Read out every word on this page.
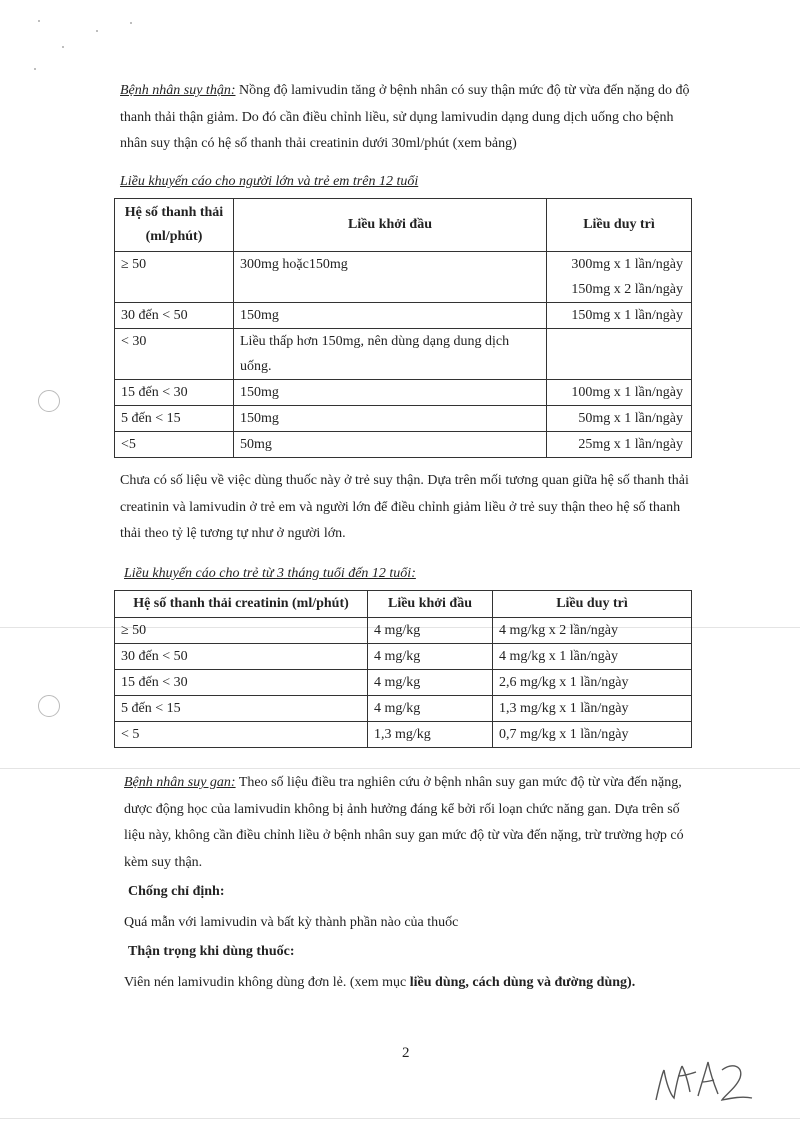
Bệnh nhân suy thận: Nồng độ lamivudin tăng ở bệnh nhân có suy thận mức độ từ vừa đến nặng do độ thanh thải thận giảm. Do đó cần điều chỉnh liều, sử dụng lamivudin dạng dung dịch uống cho bệnh nhân suy thận có hệ số thanh thải creatinin dưới 30ml/phút (xem bảng)

Liều khuyến cáo cho người lớn và trẻ em trên 12 tuổi

Hệ số thanh thải (ml/phút)	Liều khởi đầu	Liều duy trì
≥ 50	300mg hoặc150mg	300mg x 1 lần/ngày
150mg x 2 lần/ngày

30 đến < 50	150mg	150mg x 1 lần/ngày
< 30	Liều thấp hơn 150mg, nên dùng dạng dung dịch uống.	
15 đến < 30	150mg	100mg x 1 lần/ngày
5 đến < 15	150mg	50mg x 1 lần/ngày
<5	50mg	25mg x 1 lần/ngày

Chưa có số liệu về việc dùng thuốc này ở trẻ suy thận. Dựa trên mối tương quan giữa hệ số thanh thải creatinin và lamivudin ở trẻ em và người lớn để điều chỉnh giảm liều ở trẻ suy thận theo hệ số thanh thải theo tỷ lệ tương tự như ở người lớn.

Liều khuyến cáo cho trẻ từ 3 tháng tuổi đến 12 tuổi:

Hệ số thanh thải creatinin (ml/phút)	Liều khởi đầu	Liều duy trì
≥ 50	4 mg/kg	4 mg/kg x 2 lần/ngày
30 đến < 50	4 mg/kg	4 mg/kg x 1 lần/ngày
15 đến < 30	4 mg/kg	2,6 mg/kg x 1 lần/ngày
5 đến < 15	4 mg/kg	1,3 mg/kg x 1 lần/ngày
< 5	1,3 mg/kg	0,7 mg/kg x 1 lần/ngày

Bệnh nhân suy gan: Theo số liệu điều tra nghiên cứu ở bệnh nhân suy gan mức độ từ vừa đến nặng, dược động học của lamivudin không bị ảnh hưởng đáng kể bởi rối loạn chức năng gan. Dựa trên số liệu này, không cần điều chỉnh liều ở bệnh nhân suy gan mức độ từ vừa đến nặng, trừ trường hợp có kèm suy thận.

Chống chỉ định:

Quá mẫn với lamivudin và bất kỳ thành phần nào của thuốc

Thận trọng khi dùng thuốc:

Viên nén lamivudin không dùng đơn lẻ. (xem mục liều dùng, cách dùng và đường dùng).

2
